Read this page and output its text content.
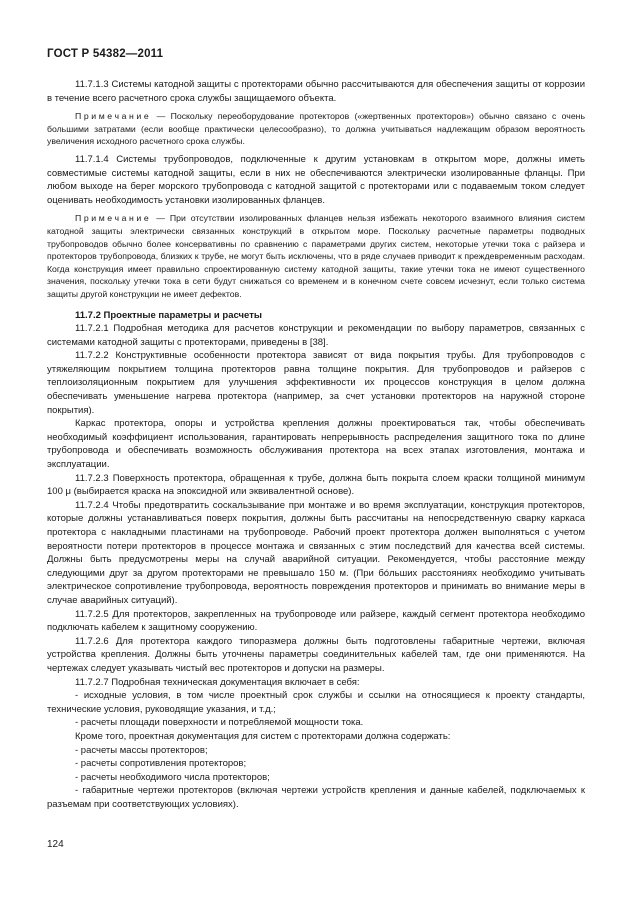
ГОСТ Р 54382—2011

11.7.1.3 Системы катодной защиты с протекторами обычно рассчитываются для обеспечения защиты от коррозии в течение всего расчетного срока службы защищаемого объекта.

Примечание — Поскольку переоборудование протекторов («жертвенных протекторов») обычно связано с очень большими затратами (если вообще практически целесообразно), то должна учитываться надлежащим образом вероятность увеличения исходного расчетного срока службы.

11.7.1.4 Системы трубопроводов, подключенные к другим установкам в открытом море, должны иметь совместимые системы катодной защиты, если в них не обеспечиваются электрически изолированные фланцы. При любом выходе на берег морского трубопровода с катодной защитой с протекторами или с подаваемым током следует оценивать необходимость установки изолированных фланцев.

Примечание — При отсутствии изолированных фланцев нельзя избежать некоторого взаимного влияния систем катодной защиты электрически связанных конструкций в открытом море. Поскольку расчетные параметры подводных трубопроводов обычно более консервативны по сравнению с параметрами других систем, некоторые утечки тока с райзера и протекторов трубопровода, близких к трубе, не могут быть исключены, что в ряде случаев приводит к преждевременным расходам. Когда конструкция имеет правильно спроектированную систему катодной защиты, такие утечки тока не имеют существенного значения, поскольку утечки тока в сети будут снижаться со временем и в конечном счете совсем исчезнут, если только система защиты другой конструкции не имеет дефектов.

11.7.2 Проектные параметры и расчеты

11.7.2.1 Подробная методика для расчетов конструкции и рекомендации по выбору параметров, связанных с системами катодной защиты с протекторами, приведены в [38].

11.7.2.2 Конструктивные особенности протектора зависят от вида покрытия трубы. Для трубопроводов с утяжеляющим покрытием толщина протекторов равна толщине покрытия. Для трубопроводов и райзеров с теплоизоляционным покрытием для улучшения эффективности их процессов конструкция в целом должна обеспечивать уменьшение нагрева протектора (например, за счет установки протекторов на наружной стороне покрытия).

Каркас протектора, опоры и устройства крепления должны проектироваться так, чтобы обеспечивать необходимый коэффициент использования, гарантировать непрерывность распределения защитного тока по длине трубопровода и обеспечивать возможность обслуживания протектора на всех этапах изготовления, монтажа и эксплуатации.

11.7.2.3 Поверхность протектора, обращенная к трубе, должна быть покрыта слоем краски толщиной минимум 100 μ (выбирается краска на эпоксидной или эквивалентной основе).

11.7.2.4 Чтобы предотвратить соскальзывание при монтаже и во время эксплуатации, конструкция протекторов, которые должны устанавливаться поверх покрытия, должны быть рассчитаны на непосредственную сварку каркаса протектора с накладными пластинами на трубопроводе. Рабочий проект протектора должен выполняться с учетом вероятности потери протекторов в процессе монтажа и связанных с этим последствий для качества всей системы. Должны быть предусмотрены меры на случай аварийной ситуации. Рекомендуется, чтобы расстояние между следующими друг за другом протекторами не превышало 150 м. (При бóльших расстояниях необходимо учитывать электрическое сопротивление трубопровода, вероятность повреждения протекторов и принимать во внимание меры в случае аварийных ситуаций).

11.7.2.5 Для протекторов, закрепленных на трубопроводе или райзере, каждый сегмент протектора необходимо подключать кабелем к защитному сооружению.

11.7.2.6 Для протектора каждого типоразмера должны быть подготовлены габаритные чертежи, включая устройства крепления. Должны быть уточнены параметры соединительных кабелей там, где они применяются. На чертежах следует указывать чистый вес протекторов и допуски на размеры.

11.7.2.7 Подробная техническая документация включает в себя:

- исходные условия, в том числе проектный срок службы и ссылки на относящиеся к проекту стандарты, технические условия, руководящие указания, и т.д.;

- расчеты площади поверхности и потребляемой мощности тока.

Кроме того, проектная документация для систем с протекторами должна содержать:

- расчеты массы протекторов;

- расчеты сопротивления протекторов;

- расчеты необходимого числа протекторов;

- габаритные чертежи протекторов (включая чертежи устройств крепления и данные кабелей, подключаемых к разъемам при соответствующих условиях).

124
